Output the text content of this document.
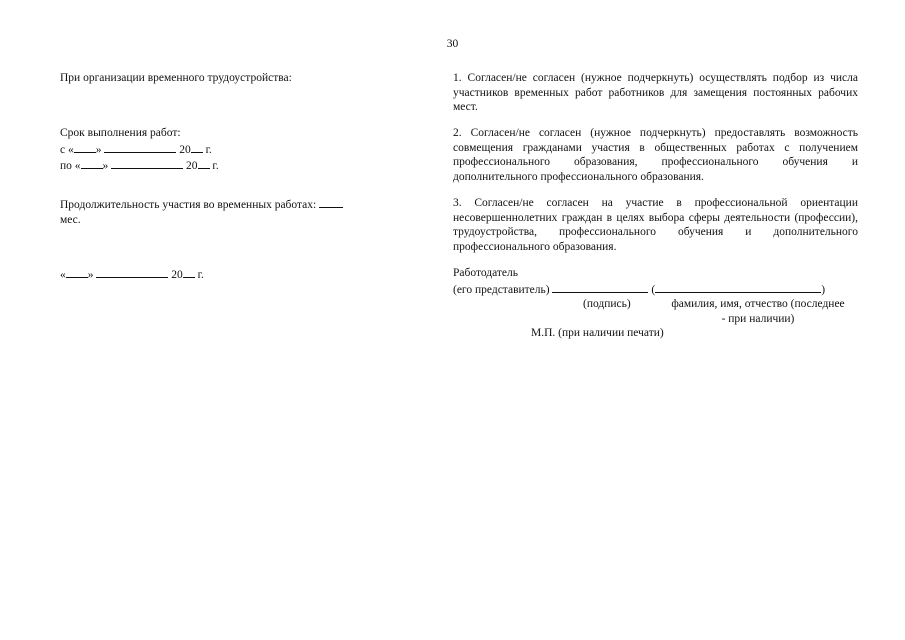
30

При организации временного трудоустройства:

Срок выполнения работ:

с « »	20 г.

по « »	20 г.

Продолжительность участия во временных работах:

мес.

« »	20 г.

1. Согласен/не согласен (нужное подчеркнуть) осуществлять подбор из числа участников временных работ работников для замещения постоянных рабочих мест.

2. Согласен/не согласен (нужное подчеркнуть) предоставлять возможность совмещения гражданами участия в общественных работах с получением профессионального образования, профессионального обучения и дополнительного профессионального образования.

3. Согласен/не согласен на участие в профессиональной ориентации несовершеннолетних граждан в целях выбора сферы деятельности (профессии), трудоустройства, профессионального обучения и дополнительного профессионального образования.

Работодатель

(его представитель)	(	)

(подпись)	фамилия, имя, отчество (последнее
- при наличии)

М.П. (при наличии печати)
